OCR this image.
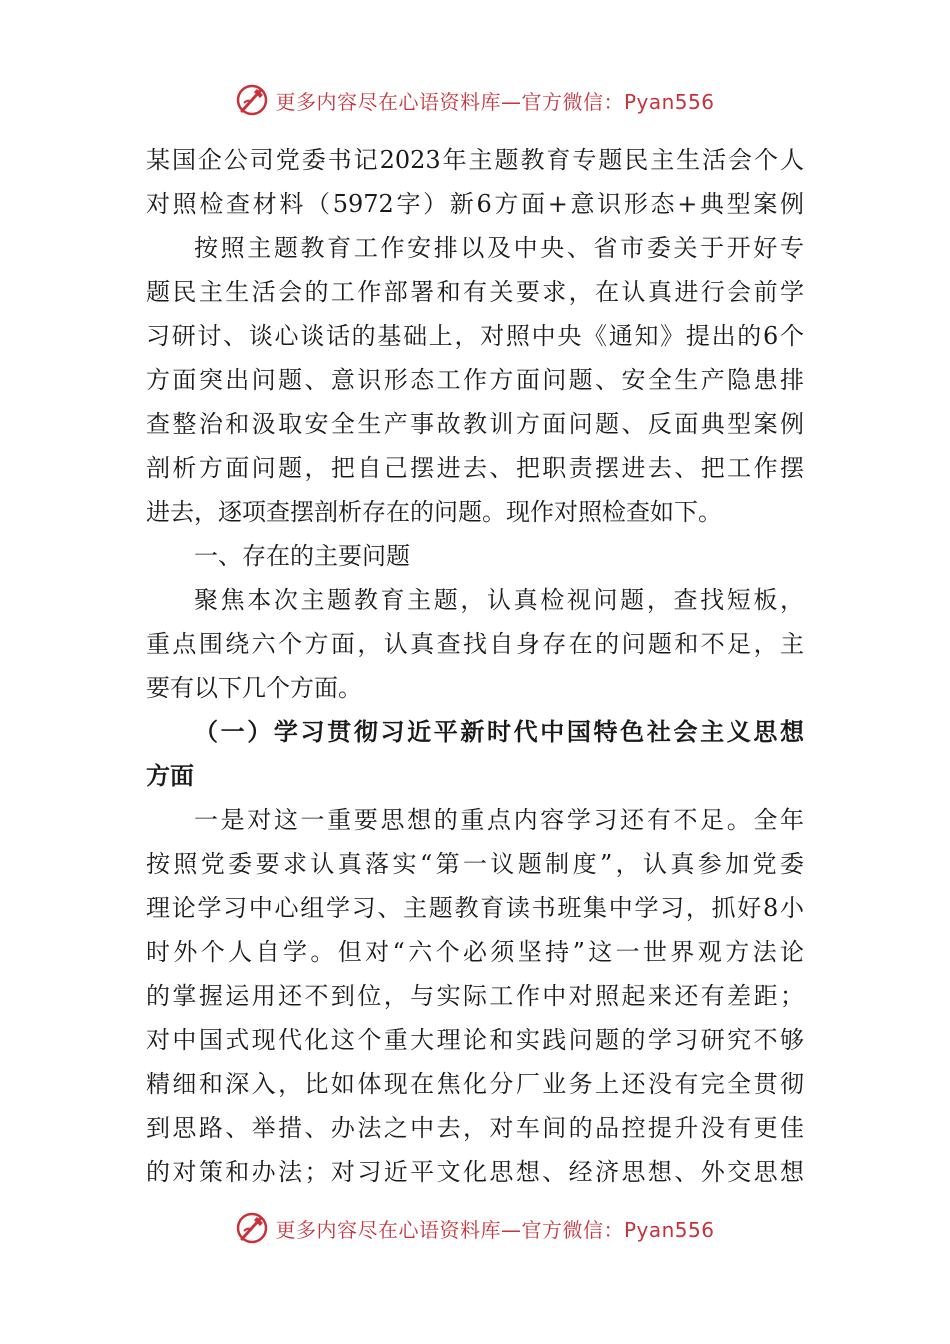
更多内容尽在心语资料库—官方微信：Pyan556
某国企公司党委书记2023年主题教育专题民主生活会个人
对照检查材料（5972字）新6方面+意识形态+典型案例
按照主题教育工作安排以及中央、省市委关于开好专
题民主生活会的工作部署和有关要求，在认真进行会前学
习研讨、谈心谈话的基础上，对照中央《通知》提出的6个
方面突出问题、意识形态工作方面问题、安全生产隐患排
查整治和汲取安全生产事故教训方面问题、反面典型案例
剖析方面问题，把自己摆进去、把职责摆进去、把工作摆
进去，逐项查摆剖析存在的问题。现作对照检查如下。
一、存在的主要问题
聚焦本次主题教育主题，认真检视问题，查找短板，
重点围绕六个方面，认真查找自身存在的问题和不足，主
要有以下几个方面。
（一）学习贯彻习近平新时代中国特色社会主义思想
方面
一是对这一重要思想的重点内容学习还有不足。全年
按照党委要求认真落实“第一议题制度”，认真参加党委
理论学习中心组学习、主题教育读书班集中学习，抓好8小
时外个人自学。但对“六个必须坚持”这一世界观方法论
的掌握运用还不到位，与实际工作中对照起来还有差距；
对中国式现代化这个重大理论和实践问题的学习研究不够
精细和深入，比如体现在焦化分厂业务上还没有完全贯彻
到思路、举措、办法之中去，对车间的品控提升没有更佳
的对策和办法；对习近平文化思想、经济思想、外交思想
更多内容尽在心语资料库—官方微信：Pyan556
